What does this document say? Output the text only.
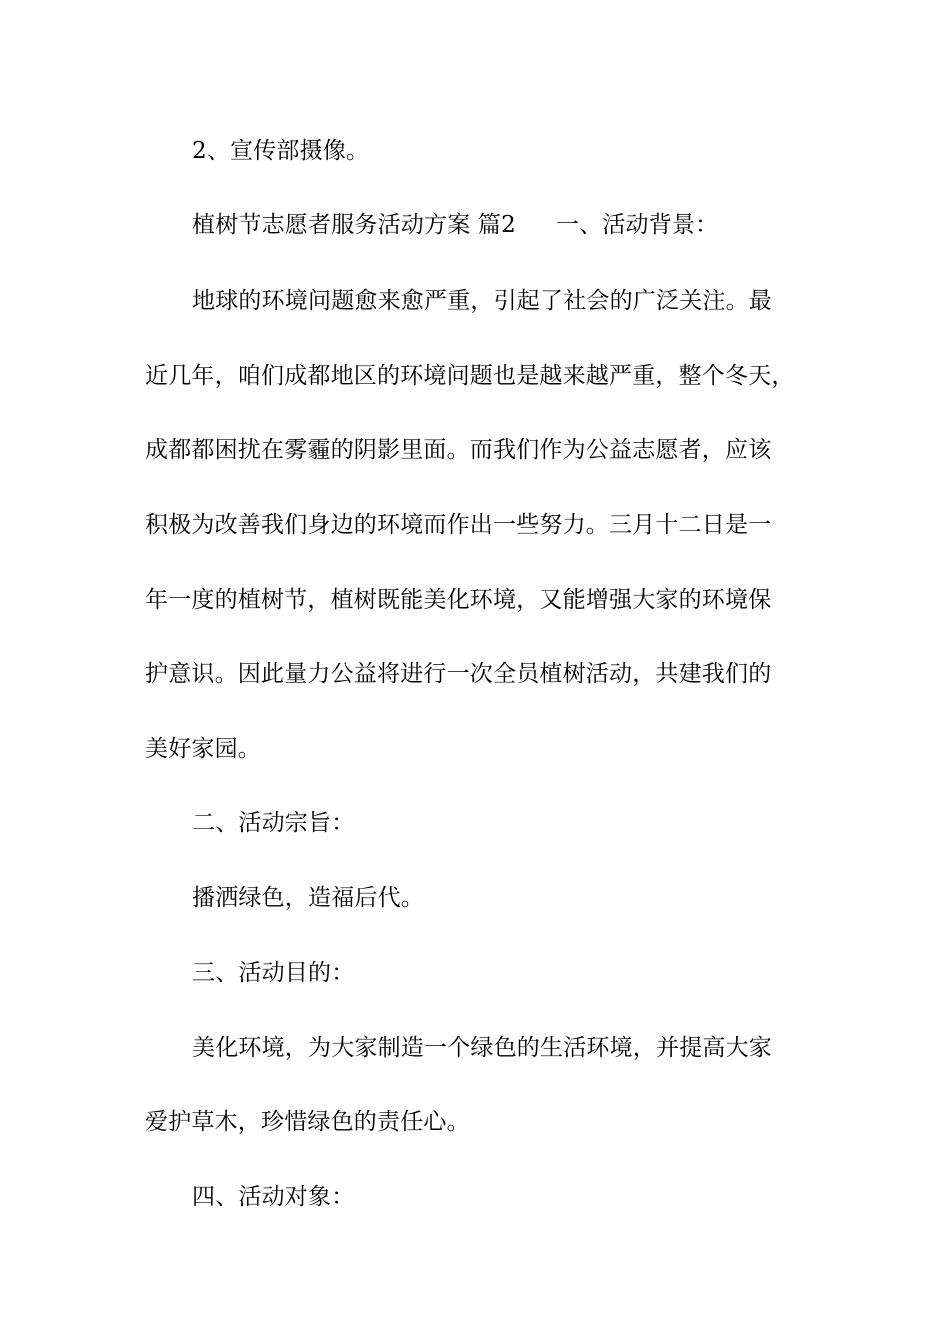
2、宣传部摄像。
植树节志愿者服务活动方案 篇2 一、活动背景：
地球的环境问题愈来愈严重，引起了社会的广泛关注。最
近几年，咱们成都地区的环境问题也是越来越严重，整个冬天，
成都都困扰在雾霾的阴影里面。而我们作为公益志愿者，应该
积极为改善我们身边的环境而作出一些努力。三月十二日是一
年一度的植树节，植树既能美化环境，又能增强大家的环境保
护意识。因此量力公益将进行一次全员植树活动，共建我们的
美好家园。
二、活动宗旨：
播洒绿色，造福后代。
三、活动目的：
美化环境，为大家制造一个绿色的生活环境，并提高大家
爱护草木，珍惜绿色的责任心。
四、活动对象：
